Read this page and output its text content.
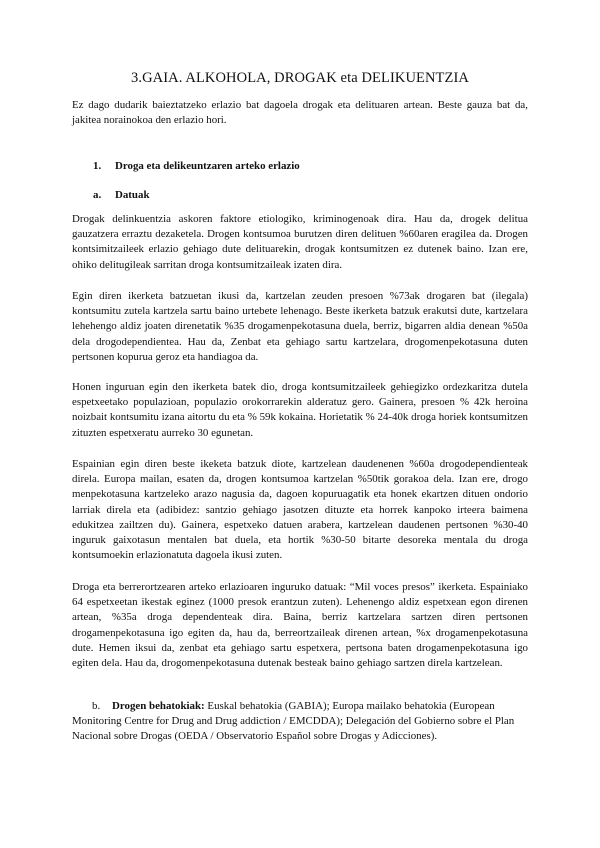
3.GAIA. ALKOHOLA, DROGAK eta DELIKUENTZIA

Ez dago dudarik baieztatzeko erlazio bat dagoela drogak eta delituaren artean. Beste gauza bat da, jakitea norainokoa den erlazio hori.

1. Droga eta delikeuntzaren arteko erlazio

a. Datuak

Drogak delinkuentzia askoren faktore etiologiko, kriminogenoak dira. Hau da, drogek delitua gauzatzera erraztu dezaketela. Drogen kontsumoa burutzen diren delituen %60aren eragilea da. Drogen kontsimitzaileek erlazio gehiago dute delituarekin, drogak kontsumitzen ez dutenek baino. Izan ere, ohiko delitugileak sarritan droga kontsumitzaileak izaten dira.

Egin diren ikerketa batzuetan ikusi da, kartzelan zeuden presoen %73ak drogaren bat (ilegala) kontsumitu zutela kartzela sartu baino urtebete lehenago. Beste ikerketa batzuk erakutsi dute, kartzelara lehehengo aldiz joaten direnetatik %35 drogamenpekotasuna duela, berriz, bigarren aldia denean %50a dela drogodependientea. Hau da, Zenbat eta gehiago sartu kartzelara, drogomenpekotasuna duten pertsonen kopurua geroz eta handiagoa da.

Honen inguruan egin den ikerketa batek dio, droga kontsumitzaileek gehiegizko ordezkaritza dutela espetxeetako populazioan, populazio orokorrarekin alderatuz gero. Gainera, presoen % 42k heroina noizbait kontsumitu izana aitortu du eta % 59k kokaina. Horietatik % 24-40k droga horiek kontsumitzen zituzten espetxeratu aurreko 30 egunetan.

Espainian egin diren beste ikeketa batzuk diote, kartzelean daudenenen %60a drogodependienteak direla. Europa mailan, esaten da, drogen kontsumoa kartzelan %50tik gorakoa dela. Izan ere, drogo menpekotasuna kartzeleko arazo nagusia da, dagoen kopuruagatik eta honek ekartzen dituen ondorio larriak direla eta (adibidez: santzio gehiago jasotzen dituzte eta horrek kanpoko irteera baimena edukitzea zailtzen du). Gainera, espetxeko datuen arabera, kartzelean daudenen pertsonen %30-40 inguruk gaixotasun mentalen bat duela, eta hortik %30-50 bitarte desoreka mentala du droga kontsumoekin erlazionatuta dagoela ikusi zuten.

Droga eta berrerortzearen arteko erlazioaren inguruko datuak: “Mil voces presos” ikerketa. Espainiako 64 espetxeetan ikestak eginez (1000 presok erantzun zuten). Lehenengo aldiz espetxean egon direnen artean, %35a droga dependenteak dira. Baina, berriz kartzelara sartzen diren pertsonen drogamenpekotasuna igo egiten da, hau da, berreortzaileak direnen artean, %x drogamenpekotasuna dute. Hemen iksui da, zenbat eta gehiago sartu espetxera, pertsona baten drogamenpekotasuna igo egiten dela. Hau da, drogomenpekotasuna dutenak besteak baino gehiago sartzen direla kartzelean.

b. Drogen behatokiak: Euskal behatokia (GABIA); Europa mailako behatokia (European Monitoring Centre for Drug and Drug addiction / EMCDDA); Delegación del Gobierno sobre el Plan Nacional sobre Drogas (OEDA / Observatorio Español sobre Drogas y Adicciones).
